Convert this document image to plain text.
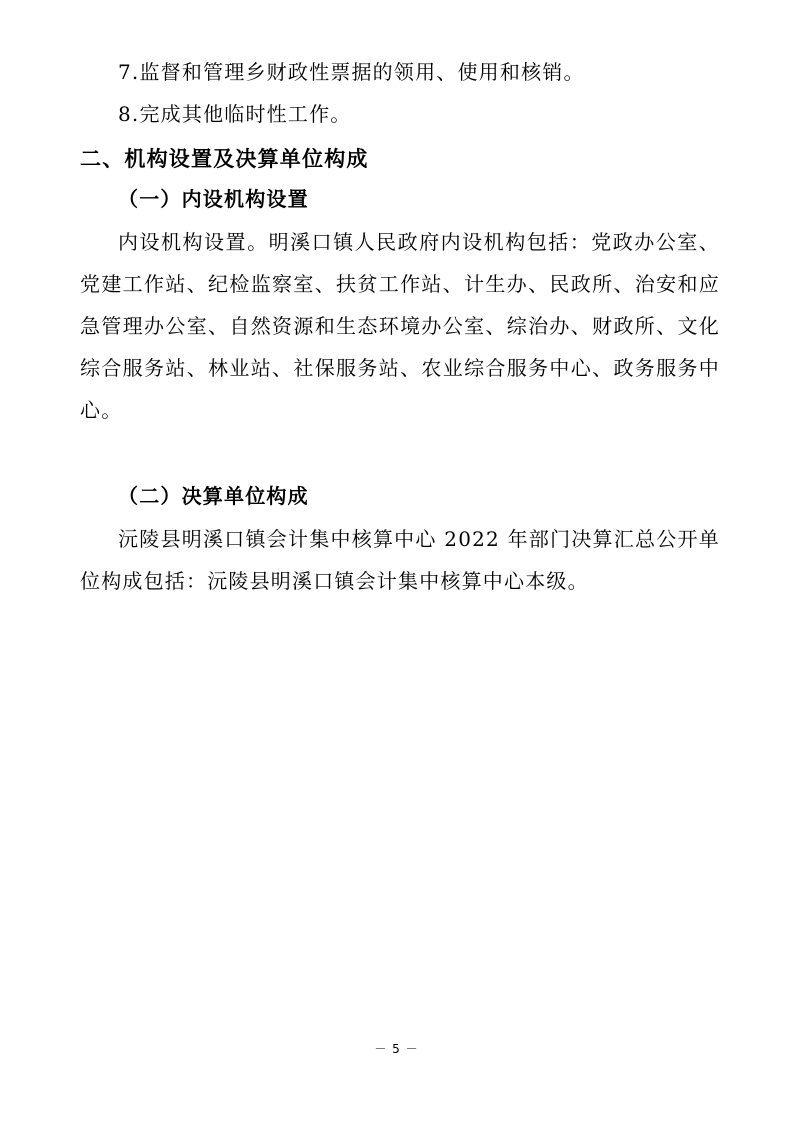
7.监督和管理乡财政性票据的领用、使用和核销。
8.完成其他临时性工作。
二、机构设置及决算单位构成
（一）内设机构设置
内设机构设置。明溪口镇人民政府内设机构包括：党政办公室、
党建工作站、纪检监察室、扶贫工作站、计生办、民政所、治安和应
急管理办公室、自然资源和生态环境办公室、综治办、财政所、文化
综合服务站、林业站、社保服务站、农业综合服务中心、政务服务中
心。
（二）决算单位构成
沅陵县明溪口镇会计集中核算中心 2022 年部门决算汇总公开单
位构成包括：沅陵县明溪口镇会计集中核算中心本级。
－ 5 －
